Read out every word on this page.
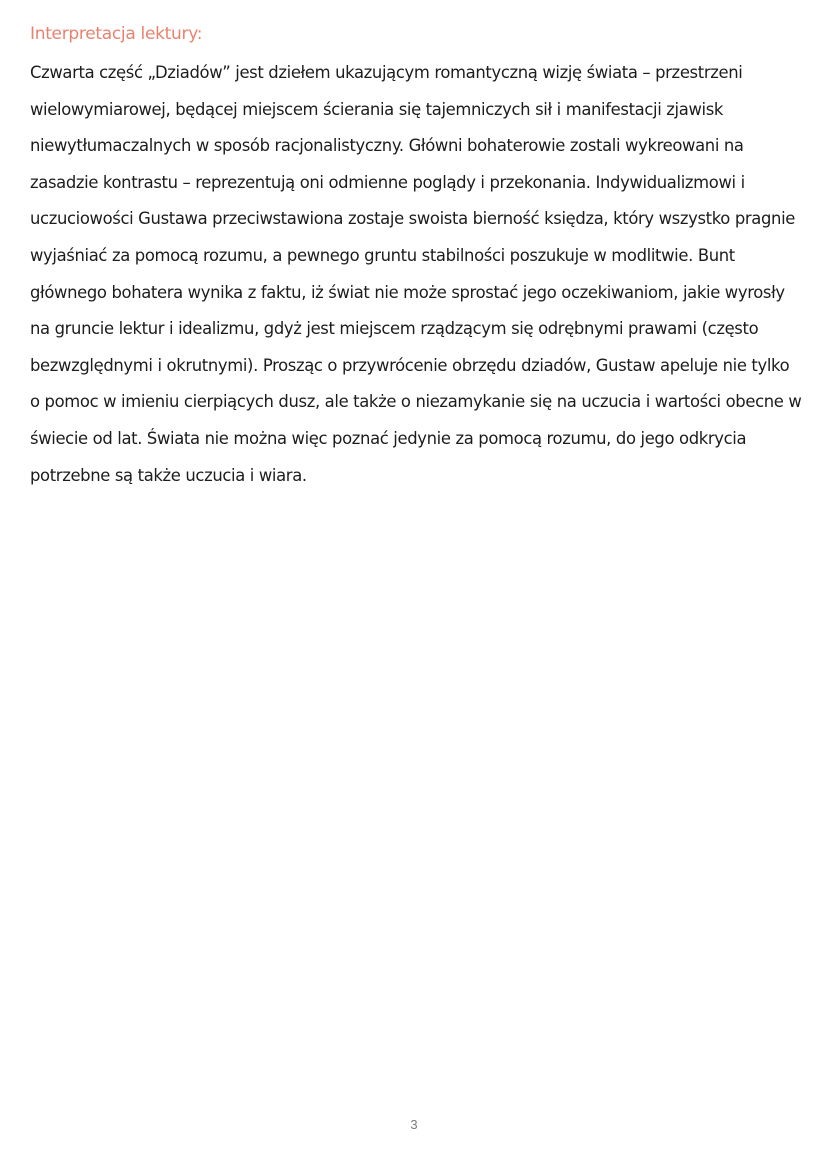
Interpretacja lektury:

Czwarta część „Dziadów” jest dziełem ukazującym romantyczną wizję świata – przestrzeni wielowymiarowej, będącej miejscem ścierania się tajemniczych sił i manifestacji zjawisk niewytłumaczalnych w sposób racjonalistyczny. Główni bohaterowie zostali wykreowani na zasadzie kontrastu – reprezentują oni odmienne poglądy i przekonania. Indywidualizmowi i uczuciowości Gustawa przeciwstawiona zostaje swoista bierność księdza, który wszystko pragnie wyjaśniać za pomocą rozumu, a pewnego gruntu stabilności poszukuje w modlitwie. Bunt głównego bohatera wynika z faktu, iż świat nie może sprostać jego oczekiwaniom, jakie wyrosły na gruncie lektur i idealizmu, gdyż jest miejscem rządzącym się odrębnymi prawami (często bezwzględnymi i okrutnymi). Prosząc o przywrócenie obrzędu dziadów, Gustaw apeluje nie tylko o pomoc w imieniu cierpiących dusz, ale także o niezamykanie się na uczucia i wartości obecne w świecie od lat. Świata nie można więc poznać jedynie za pomocą rozumu, do jego odkrycia potrzebne są także uczucia i wiara.

3
